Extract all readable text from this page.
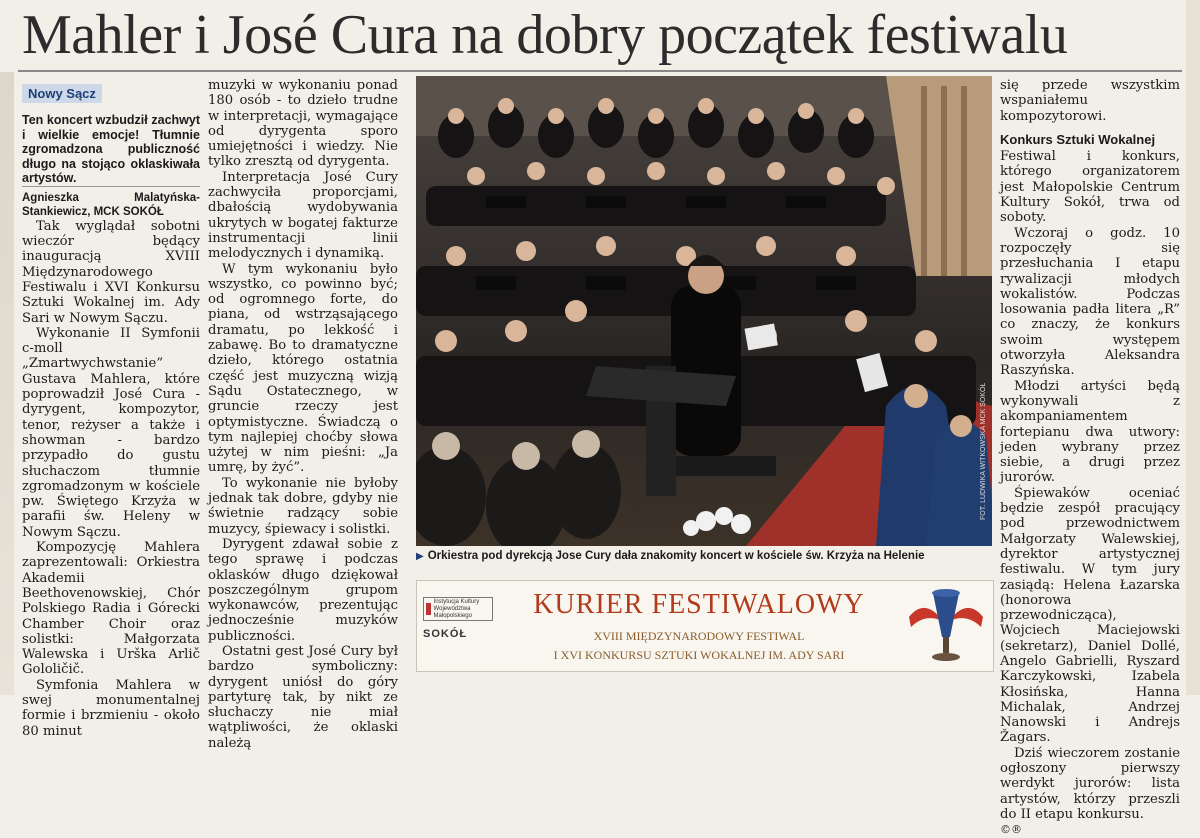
Mahler i José Cura na dobry początek festiwalu
Nowy Sącz

Ten koncert wzbudził zachwyt i wielkie emocje! Tłumnie zgromadzona publiczność długo na stojąco oklaskiwała artystów.

Agnieszka Malatyńska-Stankiewicz, MCK SOKÓŁ

Tak wyglądał sobotni wieczór będący inauguracją XVIII Międzynarodowego Festiwalu i XVI Konkursu Sztuki Wokalnej im. Ady Sari w Nowym Sączu.

Wykonanie II Symfonii c-moll „Zmartwychwstanie” Gustava Mahlera, które poprowadził José Cura - dyrygent, kompozytor, tenor, reżyser a także i showman - bardzo przypadło do gustu słuchaczom tłumnie zgromadzonym w kościele pw. Świętego Krzyża w parafii św. Heleny w Nowym Sączu.

Kompozycję Mahlera zaprezentowali: Orkiestra Akademii Beethovenowskiej, Chór Polskiego Radia i Górecki Chamber Choir oraz solistki: Małgorzata Walewska i Urška Arlič Gololičič.

Symfonia Mahlera w swej monumentalnej formie i brzmieniu - około 80 minut

muzyki w wykonaniu ponad 180 osób - to dzieło trudne w interpretacji, wymagające od dyrygenta sporo umiejętności i wiedzy. Nie tylko zresztą od dyrygenta.

Interpretacja José Cury zachwyciła proporcjami, dbałością wydobywania ukrytych w bogatej fakturze instrumentacji linii melodycznych i dynamiką.

W tym wykonaniu było wszystko, co powinno być; od ogromnego forte, do piana, od wstrząsającego dramatu, po lekkość i zabawę. Bo to dramatyczne dzieło, którego ostatnia część jest muzyczną wizją Sądu Ostatecznego, w gruncie rzeczy jest optymistyczne. Świadczą o tym najlepiej choćby słowa użytej w nim pieśni: „Ja umrę, by żyć”.

To wykonanie nie byłoby jednak tak dobre, gdyby nie świetnie radzący sobie muzycy, śpiewacy i solistki.

Dyrygent zdawał sobie z tego sprawę i podczas oklasków długo dziękował poszczególnym grupom wykonawców, prezentując jednocześnie muzyków publiczności.

Ostatni gest José Cury był bardzo symboliczny: dyrygent uniósł do góry partyturę tak, by nikt ze słuchaczy nie miał wątpliwości, że oklaski należą

FOT. LUDWIKA WITKOWSKA MCK SOKÓŁ
▶ Orkiestra pod dyrekcją Jose Cury dała znakomity koncert w kościele św. Krzyża na Helenie
Instytucja Kultury Województwa Małopolskiego
SOKÓŁ
KURIER FESTIWALOWY
XVIII MIĘDZYNARODOWY FESTIWAL
I XVI KONKURSU SZTUKI WOKALNEJ IM. ADY SARI

się przede wszystkim wspaniałemu kompozytorowi.

Konkurs Sztuki Wokalnej

Festiwal i konkurs, którego organizatorem jest Małopolskie Centrum Kultury Sokół, trwa od soboty.

Wczoraj o godz. 10 rozpoczęły się przesłuchania I etapu rywalizacji młodych wokalistów. Podczas losowania padła litera „R” co znaczy, że konkurs swoim występem otworzyła Aleksandra Raszyńska.

Młodzi artyści będą wykonywali z akompaniamentem fortepianu dwa utwory: jeden wybrany przez siebie, a drugi przez jurorów.

Śpiewaków oceniać będzie zespół pracujący pod przewodnictwem Małgorzaty Walewskiej, dyrektor artystycznej festiwalu. W tym jury zasiądą: Helena Łazarska (honorowa przewodnicząca), Wojciech Maciejowski (sekretarz), Daniel Dollé, Angelo Gabrielli, Ryszard Karczykowski, Izabela Kłosińska, Hanna Michalak, Andrzej Nanowski i Andrejs Žagars.

Dziś wieczorem zostanie ogłoszony pierwszy werdykt jurorów: lista artystów, którzy przeszli do II etapu konkursu.

©®
